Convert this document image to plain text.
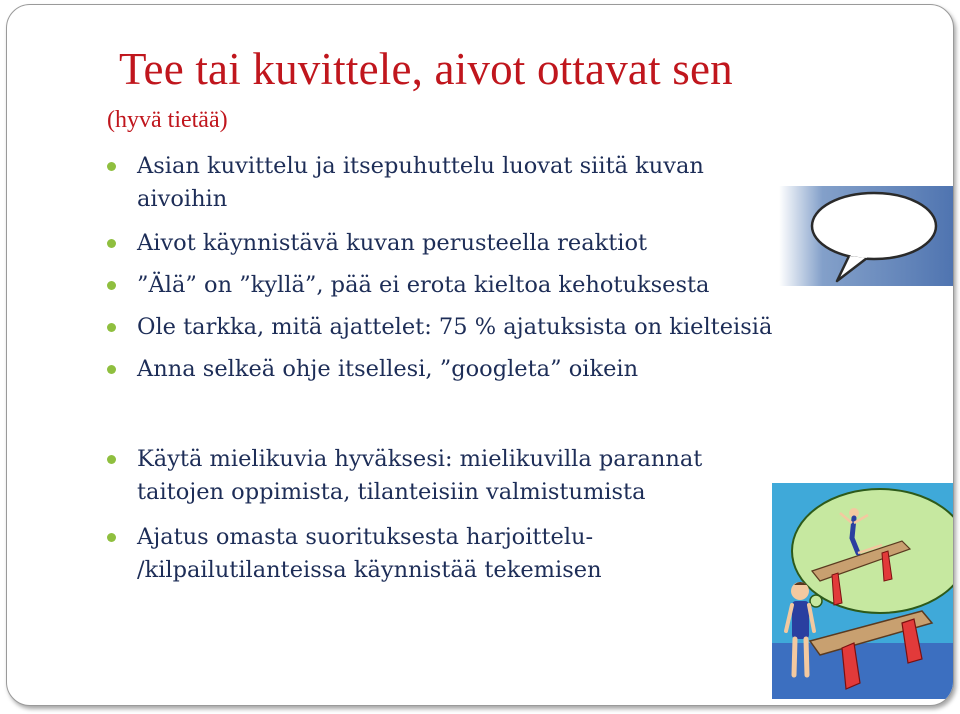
Tee tai kuvittele, aivot ottavat sen
(hyvä tietää)
Asian kuvittelu ja itsepuhuttelu luovat siitä kuvan
aivoihin
Aivot käynnistävä kuvan perusteella reaktiot
”Älä” on ”kyllä”, pää ei erota kieltoa kehotuksesta
Ole tarkka, mitä ajattelet: 75 % ajatuksista on kielteisiä
Anna selkeä ohje itsellesi, ”googleta” oikein
Käytä mielikuvia hyväksesi: mielikuvilla parannat
taitojen oppimista, tilanteisiin valmistumista
Ajatus omasta suorituksesta harjoittelu-
/kilpailutilanteissa käynnistää tekemisen
